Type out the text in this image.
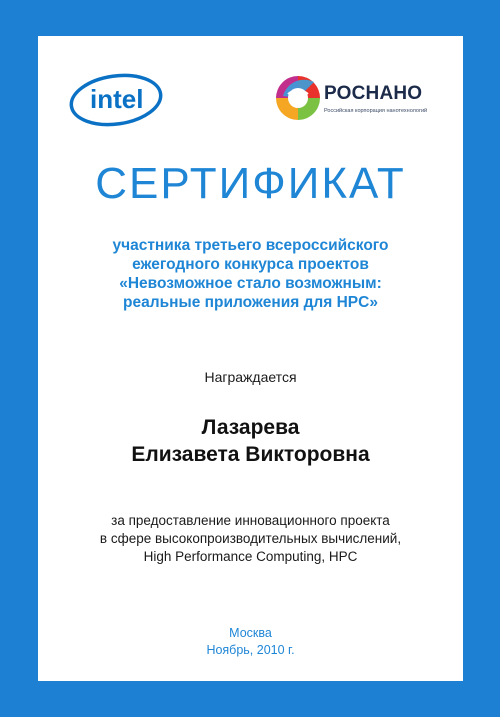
intel	РОСНАНО
Российская корпорация нанотехнологий
СЕРТИФИКАТ
участника третьего всероссийского
ежегодного конкурса проектов
«Невозможное стало возможным:
реальные приложения для HPC»
Награждается
Лазарева
Елизавета Викторовна
за предоставление инновационного проекта
в сфере высокопроизводительных вычислений,
High Performance Computing, HPC
Москва
Ноябрь, 2010 г.
